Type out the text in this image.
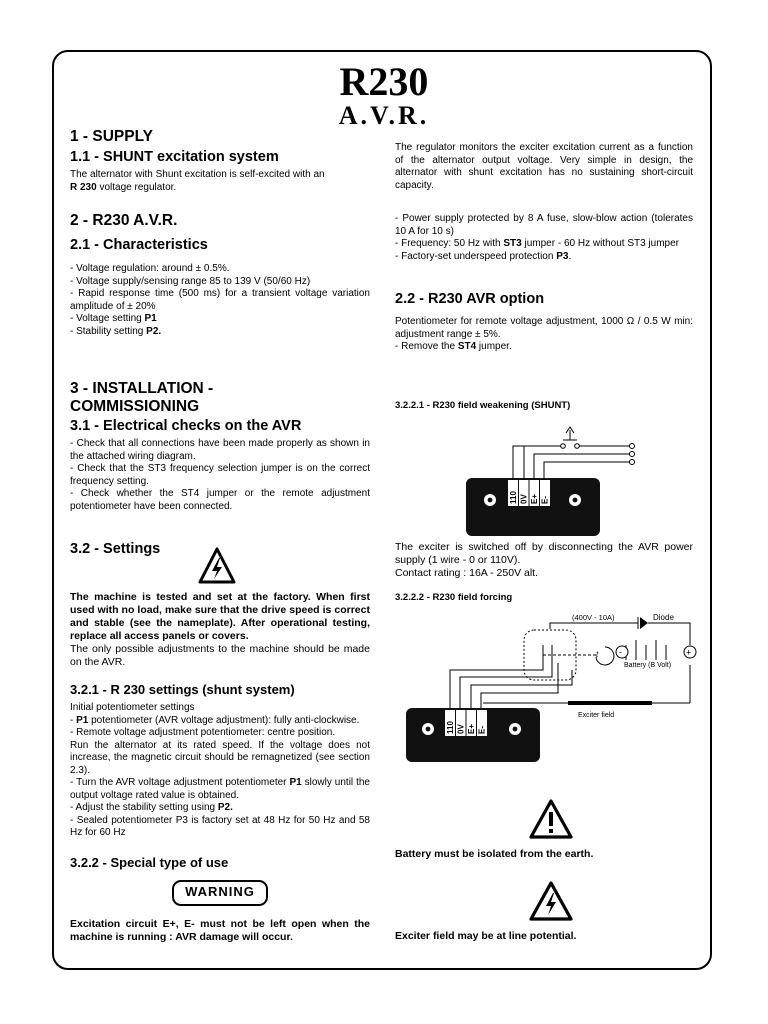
R230
A.V.R.
1 - SUPPLY
1.1 - SHUNT excitation system
The alternator with Shunt excitation is self-excited with an
R 230 voltage regulator.
2 - R230 A.V.R.
2.1 - Characteristics
- Voltage regulation: around ± 0.5%.
- Voltage supply/sensing range 85 to 139 V (50/60 Hz)
- Rapid response time (500 ms) for a transient voltage variation amplitude of ± 20%
- Voltage setting P1
- Stability setting P2.
3 - INSTALLATION -
COMMISSIONING
3.1 - Electrical checks on the AVR
- Check that all connections have been made properly as shown in the attached wiring diagram.
- Check that the ST3 frequency selection jumper is on the correct frequency setting.
- Check whether the ST4 jumper or the remote adjustment potentiometer have been connected.
3.2 - Settings
The machine is tested and set at the factory. When first used with no load, make sure that the drive speed is correct and stable (see the nameplate). After operational testing, replace all access panels or covers.
The only possible adjustments to the machine should be made on the AVR.
3.2.1 - R 230 settings (shunt system)
Initial potentiometer settings
- P1 potentiometer (AVR voltage adjustment): fully anti-clockwise.
- Remote voltage adjustment potentiometer: centre position.
Run the alternator at its rated speed. If the voltage does not increase, the magnetic circuit should be remagnetized (see section 2.3).
- Turn the AVR voltage adjustment potentiometer P1 slowly until the output voltage rated value is obtained.
- Adjust the stability setting using P2.
- Sealed potentiometer P3 is factory set at 48 Hz for 50 Hz and 58 Hz for 60 Hz
3.2.2 - Special type of use
WARNING
Excitation circuit E+, E- must not be left open when the machine is running : AVR damage will occur.
The regulator monitors the exciter excitation current as a function of the alternator output voltage. Very simple in design, the alternator with shunt excitation has no sustaining short-circuit capacity.
- Power supply protected by 8 A fuse, slow-blow action (tolerates 10 A for 10 s)
- Frequency: 50 Hz with ST3 jumper - 60 Hz without ST3 jumper
- Factory-set underspeed protection P3.
2.2 - R230 AVR option
Potentiometer for remote voltage adjustment, 1000 Ω / 0.5 W min: adjustment range ± 5%.
- Remove the ST4 jumper.
3.2.2.1 - R230 field weakening (SHUNT)
110 0V E+ E-
The exciter is switched off by disconnecting the AVR power supply (1 wire - 0 or 110V).
Contact rating : 16A - 250V alt.
3.2.2.2 - R230 field forcing
(400V - 10A)	Diode
Battery (B Volt)
Exciter field
t -	+
110 0V E+ E-
Battery must be isolated from the earth.
Exciter field may be at line potential.
